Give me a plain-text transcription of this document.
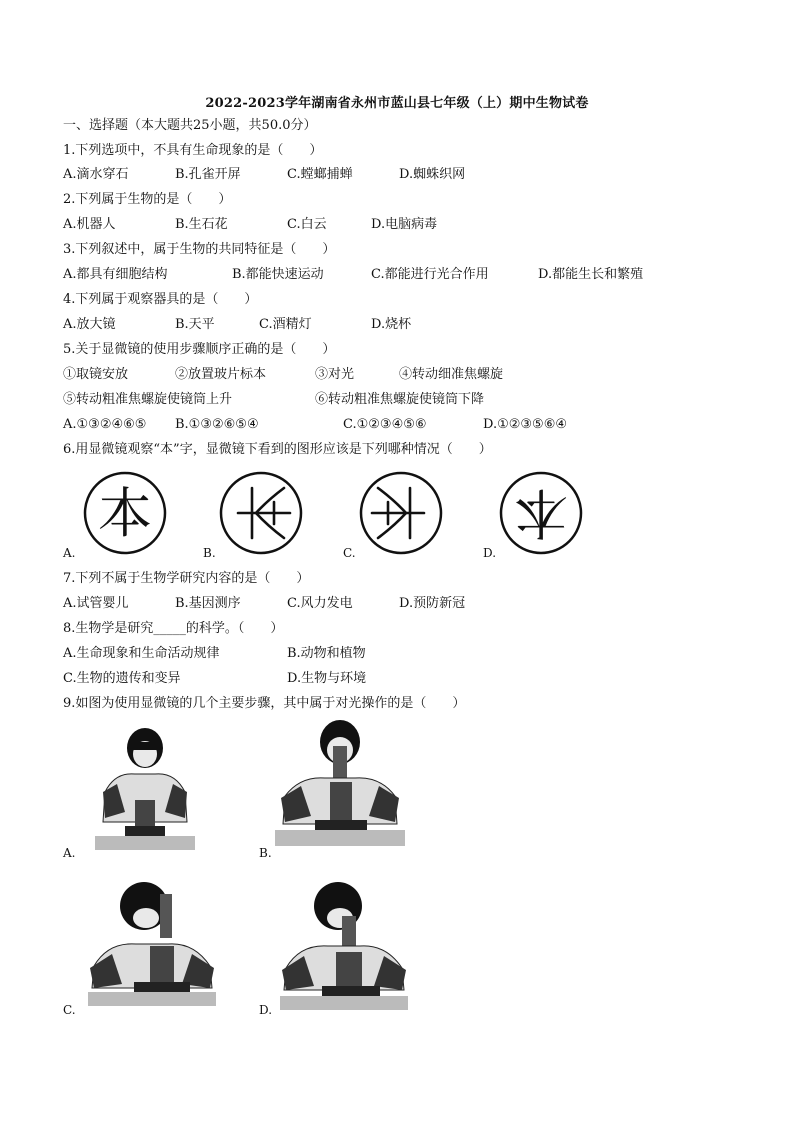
2022-2023学年湖南省永州市蓝山县七年级（上）期中生物试卷
一、选择题（本大题共25小题，共50.0分）
1.下列选项中，不具有生命现象的是（　　）
A.滴水穿石	B.孔雀开屏	C.螳螂捕蝉	D.蜘蛛织网
2.下列属于生物的是（　　）
A.机器人	B.生石花	C.白云	D.电脑病毒
3.下列叙述中，属于生物的共同特征是（　　）
A.都具有细胞结构	B.都能快速运动	C.都能进行光合作用	D.都能生长和繁殖
4.下列属于观察器具的是（　　）
A.放大镜	B.天平	C.酒精灯	D.烧杯
5.关于显微镜的使用步骤顺序正确的是（　　）
①取镜安放	②放置玻片标本	③对光	④转动细准焦螺旋
⑤转动粗准焦螺旋使镜筒上升	⑥转动粗准焦螺旋使镜筒下降
A.①③②④⑥⑤ B.①③②⑥⑤④	C.①②③④⑤⑥	D.①②③⑤⑥④
6.用显微镜观察“本”字，显微镜下看到的图形应该是下列哪种情况（　　）
本
A.	B.	C.
本
D.
7.下列不属于生物学研究内容的是（　　）
A.试管婴儿	B.基因测序	C.风力发电	D.预防新冠
8.生物学是研究_____的科学。（　　）
A.生命现象和生命活动规律	B.动物和植物
C.生物的遗传和变异	D.生物与环境
9.如图为使用显微镜的几个主要步骤，其中属于对光操作的是（　　）
A.	B.
C.	D.
